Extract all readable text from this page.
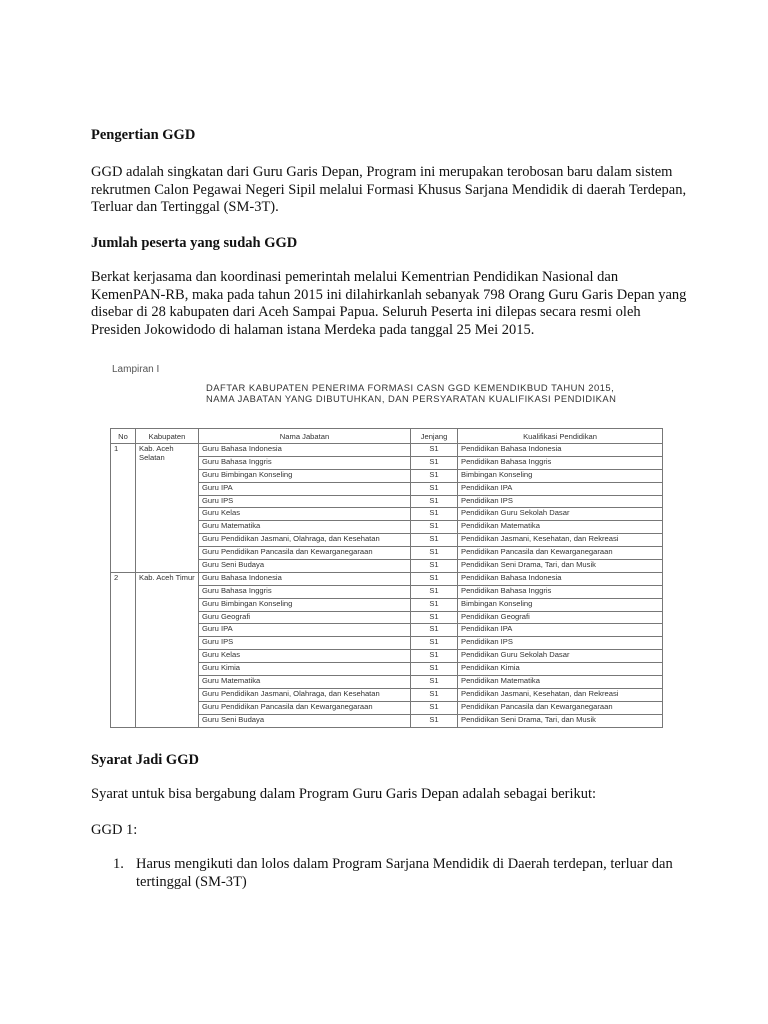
Pengertian GGD

GGD adalah singkatan dari Guru Garis Depan, Program ini merupakan terobosan baru dalam sistem rekrutmen Calon Pegawai Negeri Sipil melalui Formasi Khusus Sarjana Mendidik di daerah Terdepan, Terluar dan Tertinggal (SM-3T).

Jumlah peserta yang sudah GGD

Berkat kerjasama dan koordinasi pemerintah melalui Kementrian Pendidikan Nasional dan KemenPAN-RB, maka pada tahun 2015 ini dilahirkanlah sebanyak 798 Orang Guru Garis Depan yang disebar di 28 kabupaten dari Aceh Sampai Papua. Seluruh Peserta ini dilepas secara resmi oleh Presiden Jokowidodo di halaman istana Merdeka pada tanggal 25 Mei 2015.

Lampiran I
DAFTAR KABUPATEN PENERIMA FORMASI CASN GGD KEMENDIKBUD TAHUN 2015,
NAMA JABATAN YANG DIBUTUHKAN, DAN PERSYARATAN KUALIFIKASI PENDIDIKAN
No	Kabupaten	Nama Jabatan	Jenjang	Kualifikasi Pendidikan
1	Kab. Aceh Selatan	Guru Bahasa Indonesia	S1	Pendidikan Bahasa Indonesia
		Guru Bahasa Inggris	S1	Pendidikan Bahasa Inggris
		Guru Bimbingan Konseling	S1	Bimbingan Konseling
		Guru IPA	S1	Pendidikan IPA
		Guru IPS	S1	Pendidikan IPS
		Guru Kelas	S1	Pendidikan Guru Sekolah Dasar
		Guru Matematika	S1	Pendidikan Matematika
		Guru Pendidikan Jasmani, Olahraga, dan Kesehatan	S1	Pendidikan Jasmani, Kesehatan, dan Rekreasi
		Guru Pendidikan Pancasila dan Kewarganegaraan	S1	Pendidikan Pancasila dan Kewarganegaraan
		Guru Seni Budaya	S1	Pendidikan Seni Drama, Tari, dan Musik
2	Kab. Aceh Timur	Guru Bahasa Indonesia	S1	Pendidikan Bahasa Indonesia
		Guru Bahasa Inggris	S1	Pendidikan Bahasa Inggris
		Guru Bimbingan Konseling	S1	Bimbingan Konseling
		Guru Geografi	S1	Pendidikan Geografi
		Guru IPA	S1	Pendidikan IPA
		Guru IPS	S1	Pendidikan IPS
		Guru Kelas	S1	Pendidikan Guru Sekolah Dasar
		Guru Kimia	S1	Pendidikan Kimia
		Guru Matematika	S1	Pendidikan Matematika
		Guru Pendidikan Jasmani, Olahraga, dan Kesehatan	S1	Pendidikan Jasmani, Kesehatan, dan Rekreasi
		Guru Pendidikan Pancasila dan Kewarganegaraan	S1	Pendidikan Pancasila dan Kewarganegaraan
		Guru Seni Budaya	S1	Pendidikan Seni Drama, Tari, dan Musik
Syarat Jadi GGD

Syarat untuk bisa bergabung dalam Program Guru Garis Depan adalah sebagai berikut:

GGD 1:

1. Harus mengikuti dan lolos dalam Program Sarjana Mendidik di Daerah terdepan, terluar dan tertinggal (SM-3T)
